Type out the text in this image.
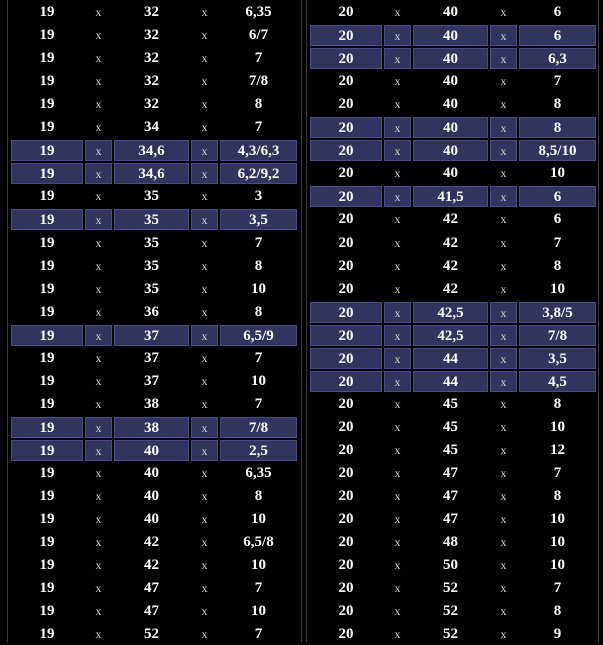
19	x	32	x	6,35
19	x	32	x	6/7
19	x	32	x	7
19	x	32	x	7/8
19	x	32	x	8
19	x	34	x	7
19	x	34,6	x	4,3/6,3
19	x	34,6	x	6,2/9,2
19	x	35	x	3
19	x	35	x	3,5
19	x	35	x	7
19	x	35	x	8
19	x	35	x	10
19	x	36	x	8
19	x	37	x	6,5/9
19	x	37	x	7
19	x	37	x	10
19	x	38	x	7
19	x	38	x	7/8
19	x	40	x	2,5
19	x	40	x	6,35
19	x	40	x	8
19	x	40	x	10
19	x	42	x	6,5/8
19	x	42	x	10
19	x	47	x	7
19	x	47	x	10
19	x	52	x	7
20	x	40	x	6
20	x	40	x	6
20	x	40	x	6,3
20	x	40	x	7
20	x	40	x	8
20	x	40	x	8
20	x	40	x	8,5/10
20	x	40	x	10
20	x	41,5	x	6
20	x	42	x	6
20	x	42	x	7
20	x	42	x	8
20	x	42	x	10
20	x	42,5	x	3,8/5
20	x	42,5	x	7/8
20	x	44	x	3,5
20	x	44	x	4,5
20	x	45	x	8
20	x	45	x	10
20	x	45	x	12
20	x	47	x	7
20	x	47	x	8
20	x	47	x	10
20	x	48	x	10
20	x	50	x	10
20	x	52	x	7
20	x	52	x	8
20	x	52	x	9
